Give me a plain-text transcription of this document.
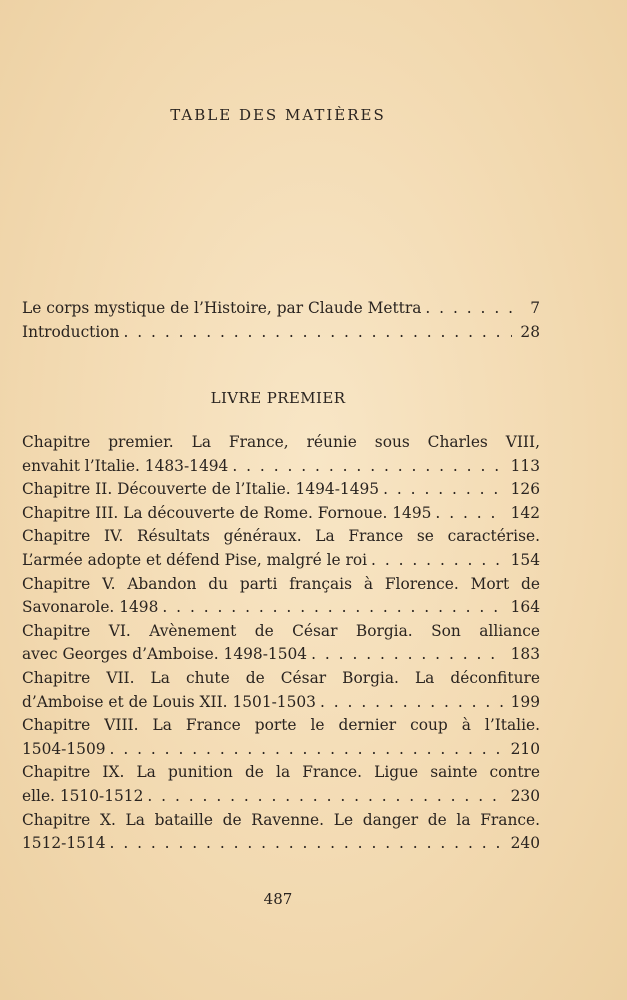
TABLE DES MATIÈRES
Le corps mystique de l’Histoire, par Claude Mettra . . .	7
Introduction . . .	28
LIVRE PREMIER
Chapitre premier. La France, réunie sous Charles VIII,
envahit l’Italie. 1483-1494 . . .	113
Chapitre II. Découverte de l’Italie. 1494-1495 . . .	126
Chapitre III. La découverte de Rome. Fornoue. 1495 . . .	142
Chapitre IV. Résultats généraux. La France se caractérise.
L’armée adopte et défend Pise, malgré le roi . . .	154
Chapitre V. Abandon du parti français à Florence. Mort de
Savonarole. 1498 . . .	164
Chapitre VI. Avènement de César Borgia. Son alliance
avec Georges d’Amboise. 1498-1504 . . .	183
Chapitre VII. La chute de César Borgia. La déconfiture
d’Amboise et de Louis XII. 1501-1503 . . .	199
Chapitre VIII. La France porte le dernier coup à l’Italie.
1504-1509 . . .	210
Chapitre IX. La punition de la France. Ligue sainte contre
elle. 1510-1512 . . .	230
Chapitre X. La bataille de Ravenne. Le danger de la France.
1512-1514 . . .	240
487
